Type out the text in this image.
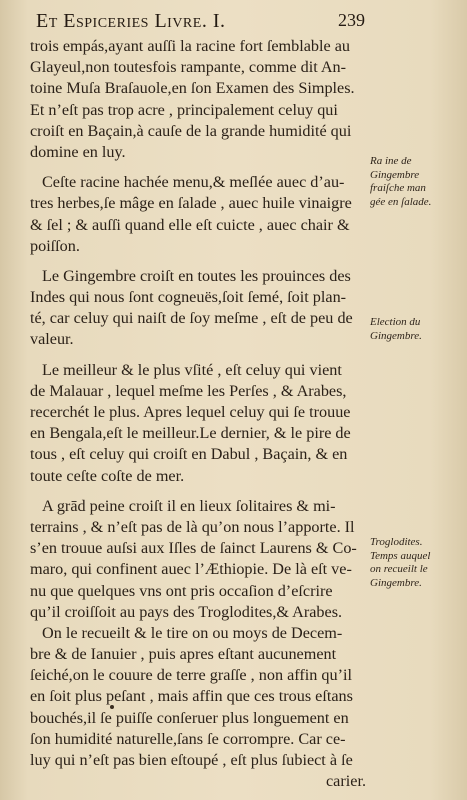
Et Espiceries Livre. I.	239
trois empás,ayant auſſi la racine fort ſemblable au
Glayeul,non toutesfois rampante, comme dit An-
toine Muſa Braſauole,en ſon Examen des Simples.
Et n’eſt pas trop acre , principalement celuy qui
croiſt en Baçain,à cauſe de la grande humidité qui
domine en luy.
Ceſte racine hachée menu,& meſlée auec d’au-
tres herbes,ſe mâge en ſalade , auec huile vinaigre
& ſel ; & auſſi quand elle eſt cuicte , auec chair &
poiſſon.
Le Gingembre croiſt en toutes les prouinces des
Indes qui nous ſont cogneuës,ſoit ſemé, ſoit plan-
té, car celuy qui naiſt de ſoy meſme , eſt de peu de
valeur.
Le meilleur & le plus vſité , eſt celuy qui vient
de Malauar , lequel meſme les Perſes , & Arabes,
recerchét le plus. Apres lequel celuy qui ſe trouue
en Bengala,eſt le meilleur.Le dernier, & le pire de
tous , eſt celuy qui croiſt en Dabul , Baçain, & en
toute ceſte coſte de mer.
A grād peine croiſt il en lieux ſolitaires & mi-
terrains , & n’eſt pas de là qu’on nous l’apporte. Il
s’en trouue auſsi aux Iſles de ſainct Laurens & Co-
maro, qui confinent auec l’Æthiopie. De là eſt ve-
nu que quelques vns ont pris occaſion d’eſcrire
qu’il croiſſoit au pays des Troglodites,& Arabes.
On le recueilt & le tire on ou moys de Decem-
bre & de Ianuier , puis apres eſtant aucunement
ſeiché,on le couure de terre graſſe , non affin qu’il
en ſoit plus peſant , mais affin que ces trous eſtans
bouchés,il ſe puiſſe conſeruer plus longuement en
ſon humidité naturelle,ſans ſe corrompre. Car ce-
luy qui n’eſt pas bien eſtoupé , eſt plus ſubiect à ſe
carier.
Ra ine de
Gingembre
fraiſche man
gée en ſalade.
Election du
Gingembre.
Troglodites.
Temps auquel
on recueilt le
Gingembre.
